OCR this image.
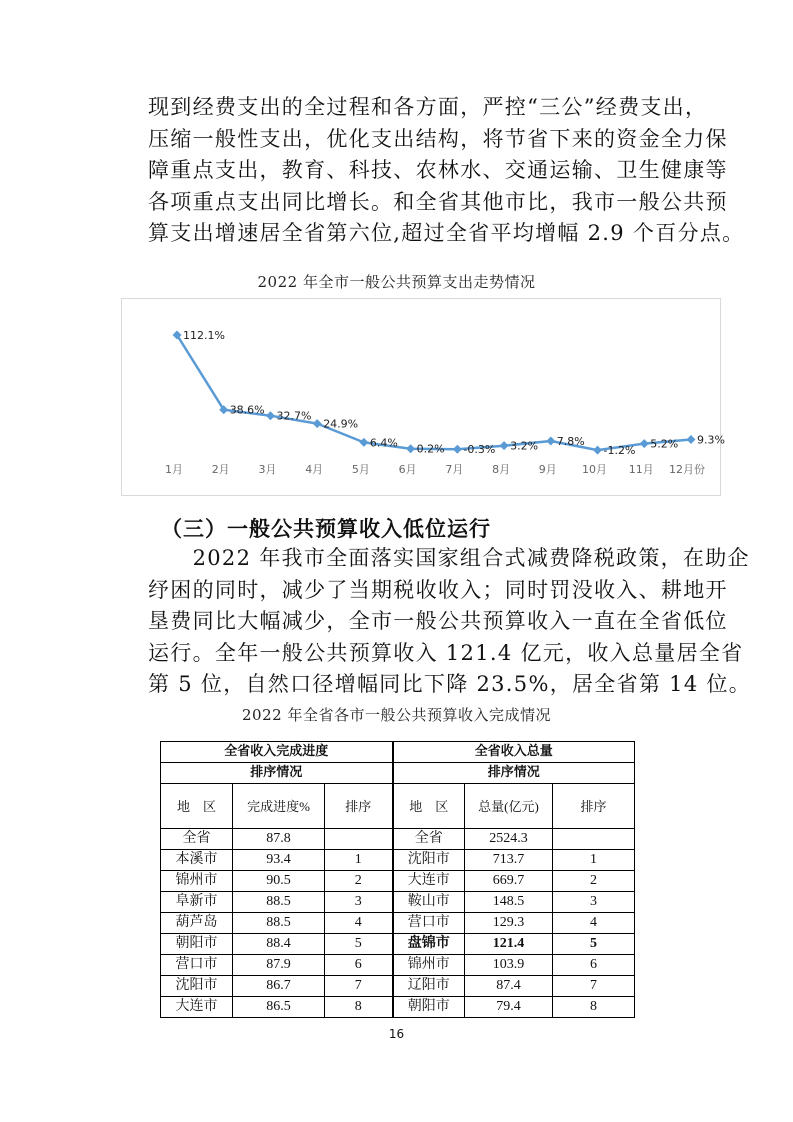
现到经费支出的全过程和各方面，严控“三公”经费支出，
压缩一般性支出，优化支出结构，将节省下来的资金全力保
障重点支出，教育、科技、农林水、交通运输、卫生健康等
各项重点支出同比增长。和全省其他市比，我市一般公共预
算支出增速居全省第六位,超过全省平均增幅 2.9 个百分点。

2022 年全市一般公共预算支出走势情况
112.1%
1月
38.6%
2月
32.7%
3月
24.9%
4月
6.4%
5月
0.2%
6月
-0.3%
7月
3.2%
8月
7.8%
9月
-1.2%
10月
5.2%
11月
9.3%
12月份
（三）一般公共预算收入低位运行

　　2022 年我市全面落实国家组合式减费降税政策，在助企
纾困的同时，减少了当期税收收入；同时罚没收入、耕地开
垦费同比大幅减少，全市一般公共预算收入一直在全省低位
运行。全年一般公共预算收入 121.4 亿元，收入总量居全省
第 5 位，自然口径增幅同比下降 23.5%，居全省第 14 位。

2022 年全省各市一般公共预算收入完成情况
全省收入完成进度			全省收入总量		
排序情况			排序情况		
地　区	完成进度%	排序	地　区	总量(亿元)	排序
全省	87.8		全省	2524.3	
本溪市	93.4	1	沈阳市	713.7	1
锦州市	90.5	2	大连市	669.7	2
阜新市	88.5	3	鞍山市	148.5	3
葫芦岛	88.5	4	营口市	129.3	4
朝阳市	88.4	5	盘锦市	121.4	5
营口市	87.9	6	锦州市	103.9	6
沈阳市	86.7	7	辽阳市	87.4	7
大连市	86.5	8	朝阳市	79.4	8
16
